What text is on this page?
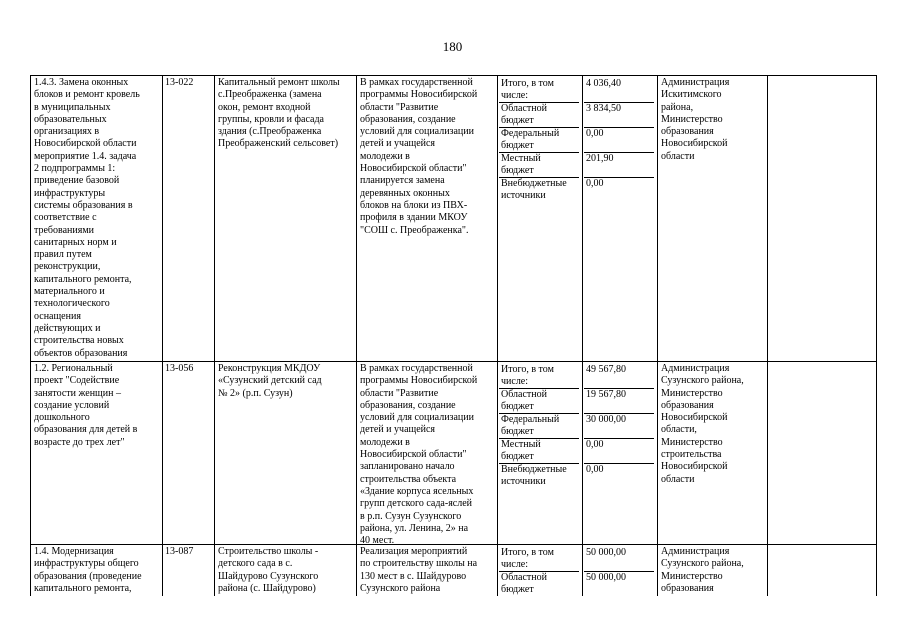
180
1.4.3. Замена оконных
блоков и ремонт кровель
в муниципальных
образовательных
организациях в
Новосибирской области
мероприятие 1.4. задача
2 подпрограммы 1:
приведение базовой
инфраструктуры
системы образования в
соответствие с
требованиями
санитарных норм и
правил путем
реконструкции,
капитального ремонта,
материального и
технологического
оснащения
действующих и
строительства новых
объектов образования
13-022 Капитальный ремонт школы
с.Преображенка (замена
окон, ремонт входной
группы, кровли и фасада
здания (с.Преображенка
Преображенский сельсовет)
В рамках государственной
программы Новосибирской
области "Развитие
образования, создание
условий для социализации
детей и учащейся
молодежи в
Новосибирской области"
планируется замена
деревянных оконных
блоков на блоки из ПВХ-
профиля в здании МКОУ
"СОШ с. Преображенка".
Администрация
Искитимского
района,
Министерство
образования
Новосибирской
области
Итого, в том
числе:
4 036,40
Областной
бюджет
3 834,50
Федеральный
бюджет
0,00
Местный
бюджет
201,90
Внебюджетные
источники
0,00
1.2. Региональный
проект "Содействие
занятости женщин –
создание условий
дошкольного
образования для детей в
возрасте до трех лет"
13-056 Реконструкция МКДОУ
«Сузунский детский сад
№ 2» (р.п. Сузун)
В рамках государственной
программы Новосибирской
области "Развитие
образования, создание
условий для социализации
детей и учащейся
молодежи в
Новосибирской области"
запланировано начало
строительства объекта
«Здание корпуса ясельных
групп детского сада-яслей
в р.п. Сузун Сузунского
района, ул. Ленина, 2» на
40 мест.
Администрация
Сузунского района,
Министерство
образования
Новосибирской
области,
Министерство
строительства
Новосибирской
области
Итого, в том
числе:
49 567,80
Областной
бюджет
19 567,80
Федеральный
бюджет
30 000,00
Местный
бюджет
0,00
Внебюджетные
источники
0,00
1.4. Модернизация
инфраструктуры общего
образования (проведение
капитального ремонта,
13-087 Строительство школы -
детского сада в с.
Шайдурово Сузунского
района (с. Шайдурово)
Реализация мероприятий
по строительству школы на
130 мест в с. Шайдурово
Сузунского района
Администрация
Сузунского района,
Министерство
образования
Итого, в том
числе:
50 000,00
Областной
бюджет
50 000,00
